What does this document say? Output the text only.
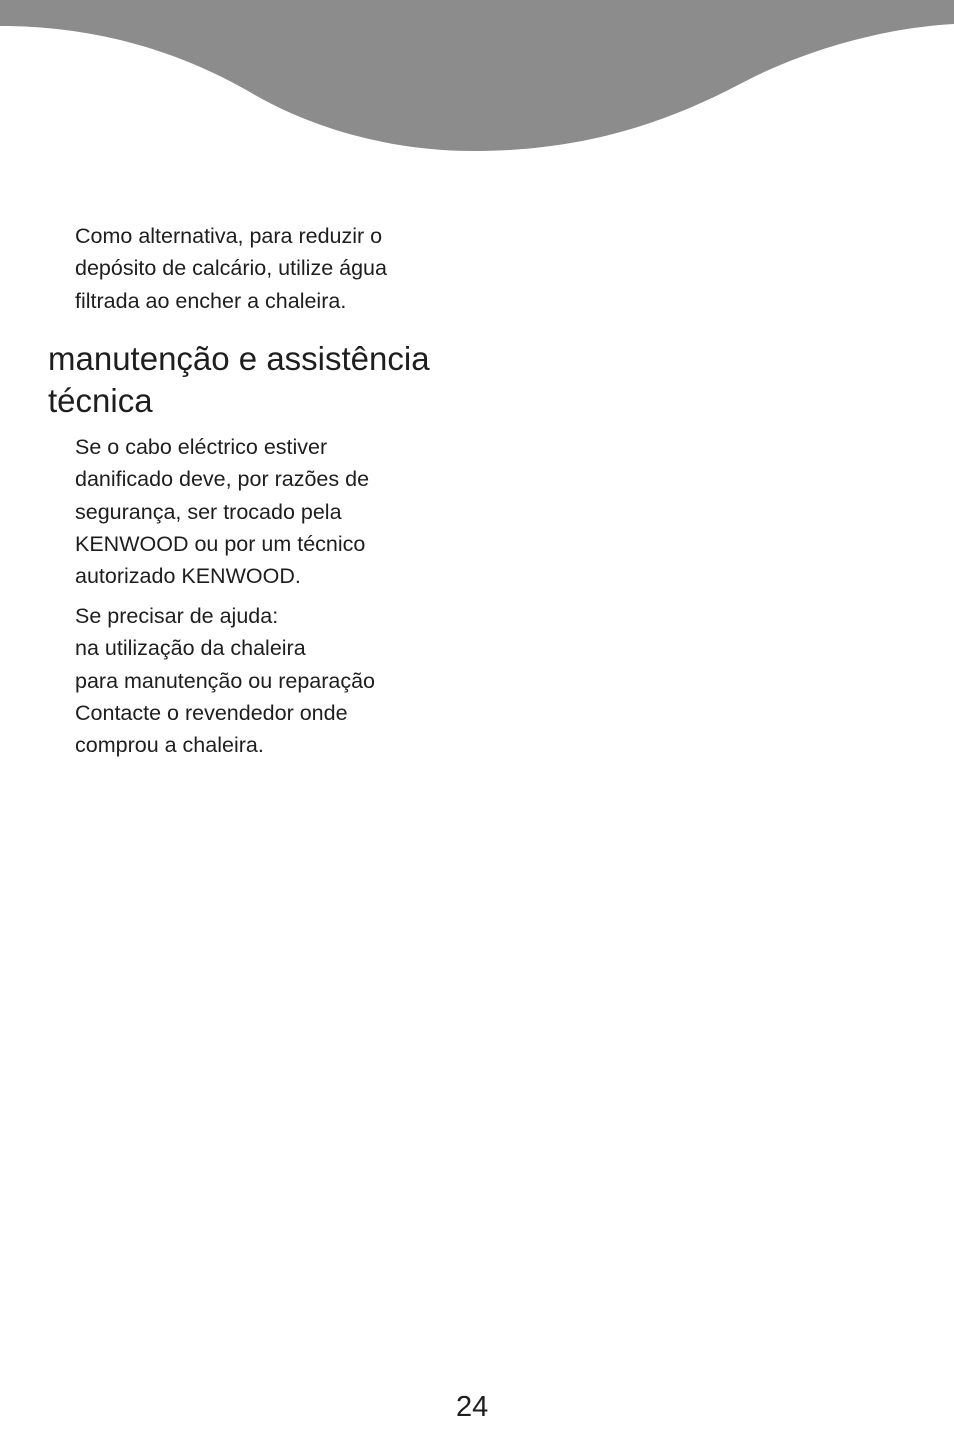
Como alternativa, para reduzir o
depósito de calcário, utilize água
filtrada ao encher a chaleira.

manutenção e assistência
técnica

Se o cabo eléctrico estiver
danificado deve, por razões de
segurança, ser trocado pela
KENWOOD ou por um técnico
autorizado KENWOOD.

Se precisar de ajuda:
na utilização da chaleira
para manutenção ou reparação
Contacte o revendedor onde
comprou a chaleira.

24
